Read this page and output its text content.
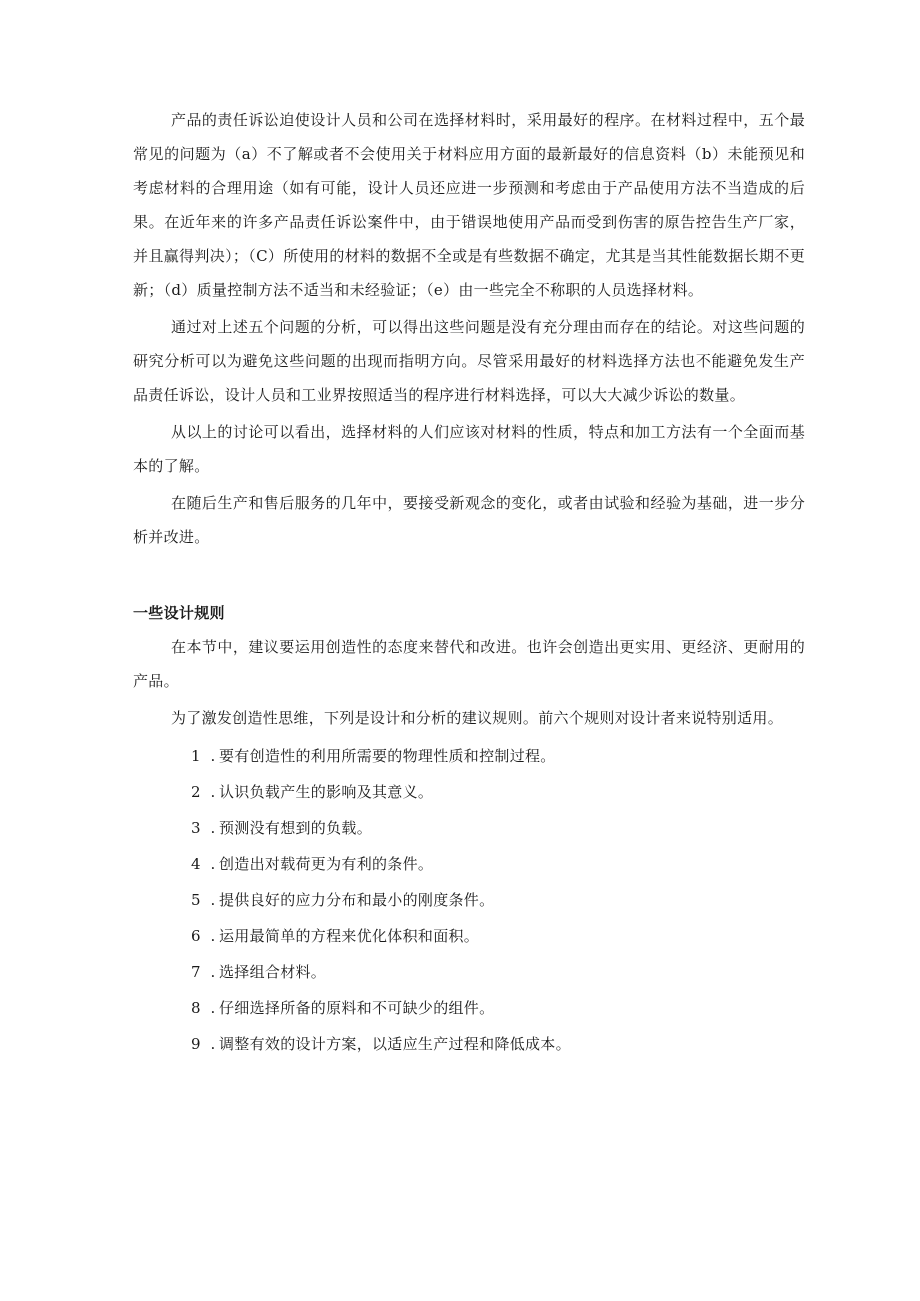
产品的责任诉讼迫使设计人员和公司在选择材料时，采用最好的程序。在材料过程中，五个最常见的问题为（a）不了解或者不会使用关于材料应用方面的最新最好的信息资料（b）未能预见和考虑材料的合理用途（如有可能，设计人员还应进一步预测和考虑由于产品使用方法不当造成的后果。在近年来的许多产品责任诉讼案件中，由于错误地使用产品而受到伤害的原告控告生产厂家，并且赢得判决）；（C）所使用的材料的数据不全或是有些数据不确定，尤其是当其性能数据长期不更新；（d）质量控制方法不适当和未经验证；（e）由一些完全不称职的人员选择材料。

通过对上述五个问题的分析，可以得出这些问题是没有充分理由而存在的结论。对这些问题的研究分析可以为避免这些问题的出现而指明方向。尽管采用最好的材料选择方法也不能避免发生产品责任诉讼，设计人员和工业界按照适当的程序进行材料选择，可以大大减少诉讼的数量。

从以上的讨论可以看出，选择材料的人们应该对材料的性质，特点和加工方法有一个全面而基本的了解。

在随后生产和售后服务的几年中，要接受新观念的变化，或者由试验和经验为基础，进一步分析并改进。

一些设计规则

在本节中，建议要运用创造性的态度来替代和改进。也许会创造出更实用、更经济、更耐用的产品。

为了激发创造性思维，下列是设计和分析的建议规则。前六个规则对设计者来说特别适用。

1 . 要有创造性的利用所需要的物理性质和控制过程。
2 . 认识负载产生的影响及其意义。
3 . 预测没有想到的负载。
4 . 创造出对载荷更为有利的条件。
5 . 提供良好的应力分布和最小的刚度条件。
6 . 运用最简单的方程来优化体积和面积。
7 . 选择组合材料。
8 . 仔细选择所备的原料和不可缺少的组件。
9 . 调整有效的设计方案，以适应生产过程和降低成本。
